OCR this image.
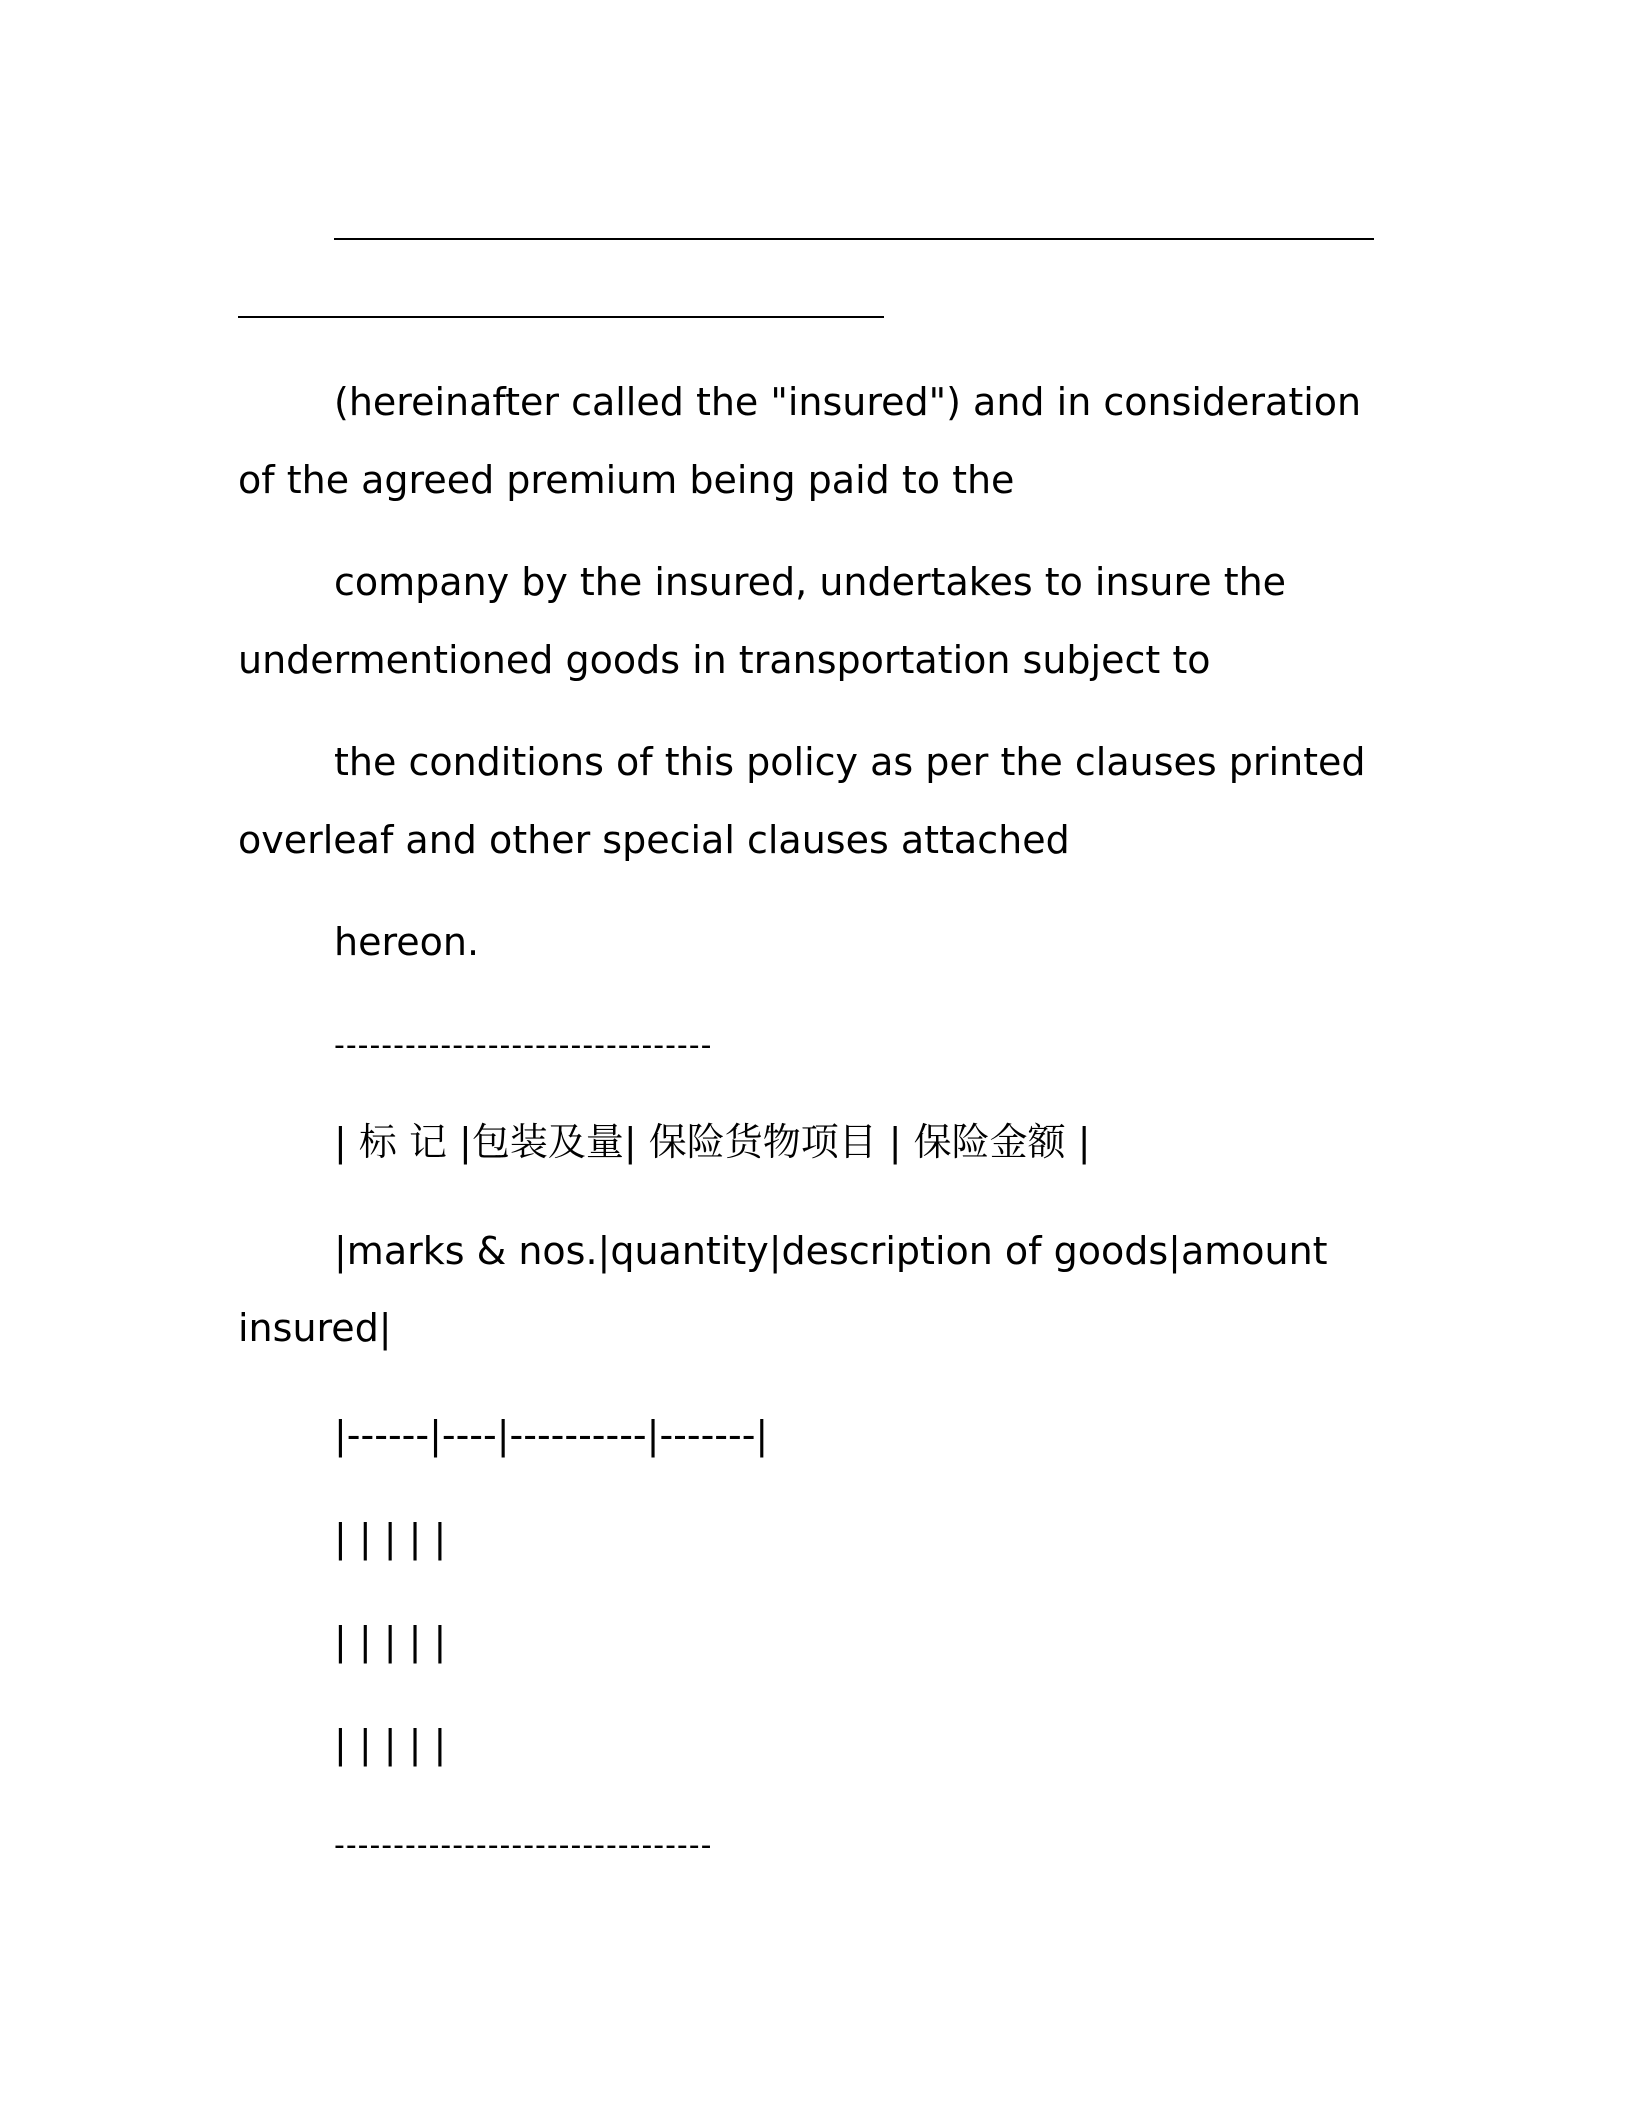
(hereinafter called the "insured") and in consideration of the agreed premium being paid to the
company by the insured, undertakes to insure the undermentioned goods in transportation subject to
the conditions of this policy as per the clauses printed overleaf and other special clauses attached
hereon.
--------------------------------
| 标 记 |包装及量| 保险货物项目 | 保险金额 |
|marks & nos.|quantity|description of goods|amount
insured|
|------|----|----------|-------|
| | | | |
| | | | |
| | | | |
--------------------------------
